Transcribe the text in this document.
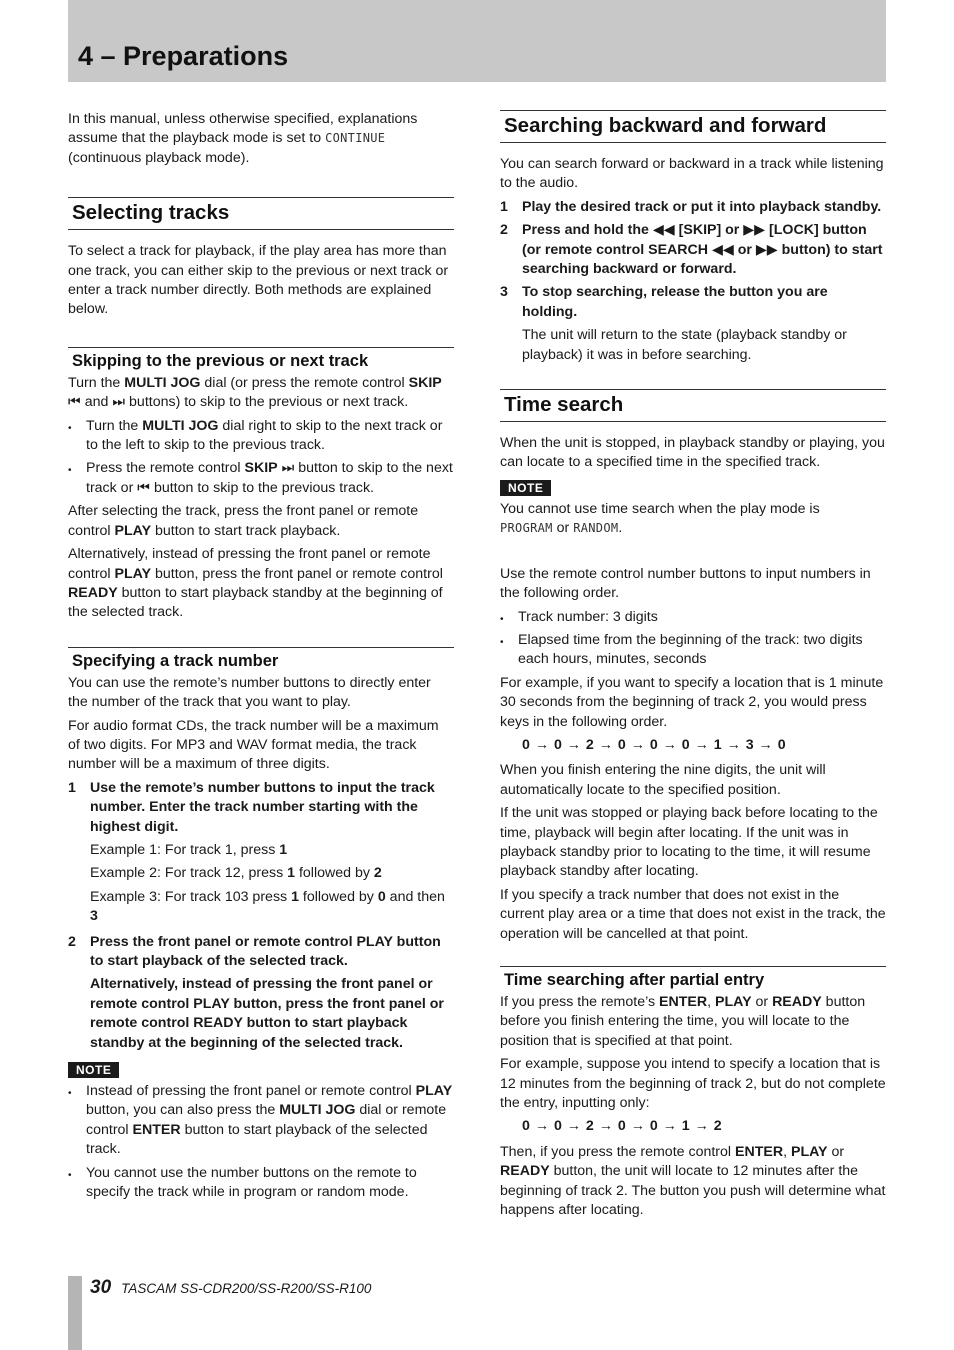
4 – Preparations

In this manual, unless otherwise specified, explanations assume that the playback mode is set to CONTINUE
(continuous playback mode).

Selecting tracks

To select a track for playback, if the play area has more than one track, you can either skip to the previous or next track or enter a track number directly. Both methods are explained below.

Skipping to the previous or next track

Turn the MULTI JOG dial (or press the remote control SKIP ⏮ and ⏭ buttons) to skip to the previous or next track.

• Turn the MULTI JOG dial right to skip to the next track or to the left to skip to the previous track.
• Press the remote control SKIP ⏭ button to skip to the next track or ⏮ button to skip to the previous track.

After selecting the track, press the front panel or remote control PLAY button to start track playback.

Alternatively, instead of pressing the front panel or remote control PLAY button, press the front panel or remote control READY button to start playback standby at the beginning of the selected track.

Specifying a track number

You can use the remote’s number buttons to directly enter the number of the track that you want to play.

For audio format CDs, the track number will be a maximum of two digits. For MP3 and WAV format media, the track number will be a maximum of three digits.

1 Use the remote’s number buttons to input the track number. Enter the track number starting with the highest digit.

Example 1: For track 1, press 1

Example 2: For track 12, press 1 followed by 2

Example 3: For track 103 press 1 followed by 0 and then 3

2 Press the front panel or remote control PLAY button to start playback of the selected track.

Alternatively, instead of pressing the front panel or remote control PLAY button, press the front panel or remote control READY button to start playback standby at the beginning of the selected track.

NOTE
• Instead of pressing the front panel or remote control PLAY button, you can also press the MULTI JOG dial or remote control ENTER button to start playback of the selected track.
• You cannot use the number buttons on the remote to specify the track while in program or random mode.
Searching backward and forward

You can search forward or backward in a track while listening to the audio.

1 Play the desired track or put it into playback standby.
2 Press and hold the ◀◀ [SKIP] or ▶▶ [LOCK] button (or remote control SEARCH ◀◀ or ▶▶ button) to start searching backward or forward.
3 To stop searching, release the button you are holding.

The unit will return to the state (playback standby or playback) it was in before searching.

Time search

When the unit is stopped, in playback standby or playing, you can locate to a specified time in the specified track.

NOTE

You cannot use time search when the play mode is
PROGRAM or RANDOM.

Use the remote control number buttons to input numbers in the following order.

• Track number: 3 digits
• Elapsed time from the beginning of the track: two digits each hours, minutes, seconds

For example, if you want to specify a location that is 1 minute 30 seconds from the beginning of track 2, you would press keys in the following order.

0 → 0 → 2 → 0 → 0 → 0 → 1 → 3 → 0

When you finish entering the nine digits, the unit will automatically locate to the specified position.

If the unit was stopped or playing back before locating to the time, playback will begin after locating. If the unit was in playback standby prior to locating to the time, it will resume playback standby after locating.

If you specify a track number that does not exist in the current play area or a time that does not exist in the track, the operation will be cancelled at that point.

Time searching after partial entry

If you press the remote’s ENTER, PLAY or READY button before you finish entering the time, you will locate to the position that is specified at that point.

For example, suppose you intend to specify a location that is 12 minutes from the beginning of track 2, but do not complete the entry, inputting only:

0 → 0 → 2 → 0 → 0 → 1 → 2

Then, if you press the remote control ENTER, PLAY or READY button, the unit will locate to 12 minutes after the beginning of track 2. The button you push will determine what happens after locating.

30 TASCAM SS-CDR200/SS-R200/SS-R100
